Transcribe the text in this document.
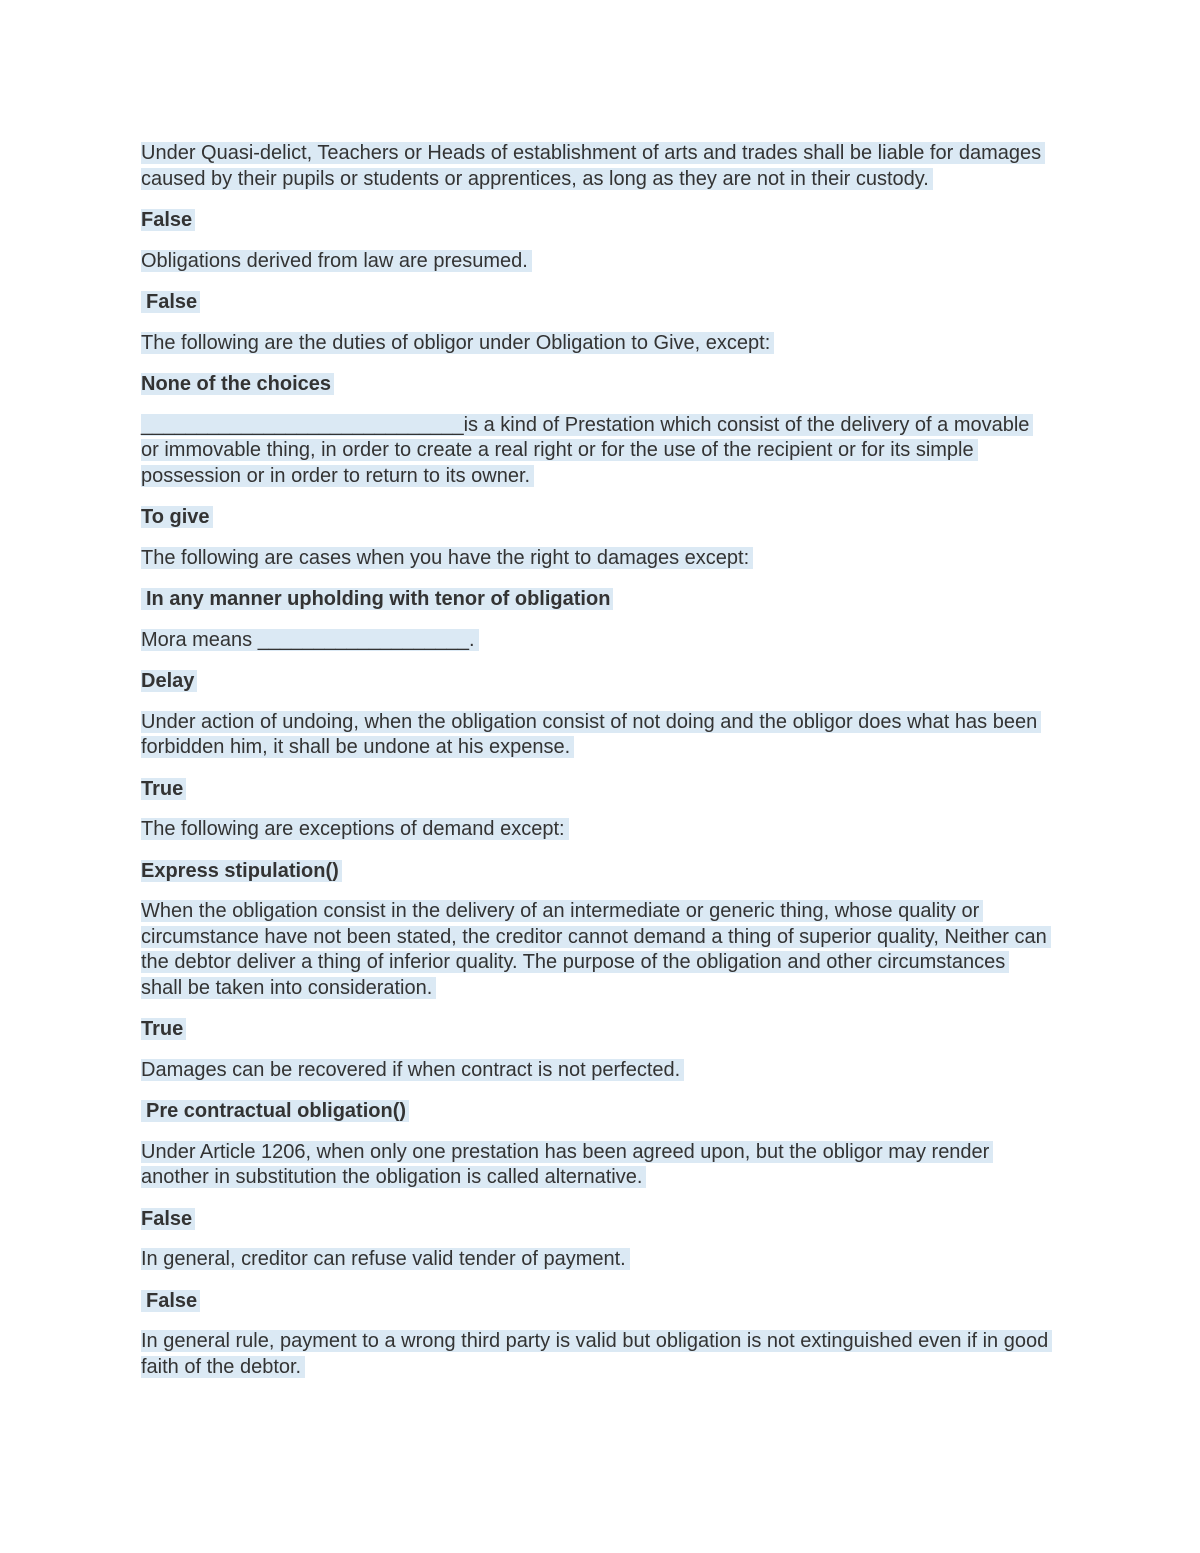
Under Quasi-delict, Teachers or Heads of establishment of arts and trades shall be liable for damages caused by their pupils or students or apprentices, as long as they are not in their custody.

False

Obligations derived from law are presumed.

False

The following are the duties of obligor under Obligation to Give, except:

None of the choices

_____________________________is a kind of Prestation which consist of the delivery of a movable or immovable thing, in order to create a real right or for the use of the recipient or for its simple possession or in order to return to its owner.

To give

The following are cases when you have the right to damages except:

In any manner upholding with tenor of obligation

Mora means ___________________.

Delay

Under action of undoing, when the obligation consist of not doing and the obligor does what has been forbidden him, it shall be undone at his expense.

True

The following are exceptions of demand except:

Express stipulation()

When the obligation consist in the delivery of an intermediate or generic thing, whose quality or circumstance have not been stated, the creditor cannot demand a thing of superior quality, Neither can the debtor deliver a thing of inferior quality. The purpose of the obligation and other circumstances shall be taken into consideration.

True

Damages can be recovered if when contract is not perfected.

Pre contractual obligation()

Under Article 1206, when only one prestation has been agreed upon, but the obligor may render another in substitution the obligation is called alternative.

False

In general, creditor can refuse valid tender of payment.

False

In general rule, payment to a wrong third party is valid but obligation is not extinguished even if in good faith of the debtor.
